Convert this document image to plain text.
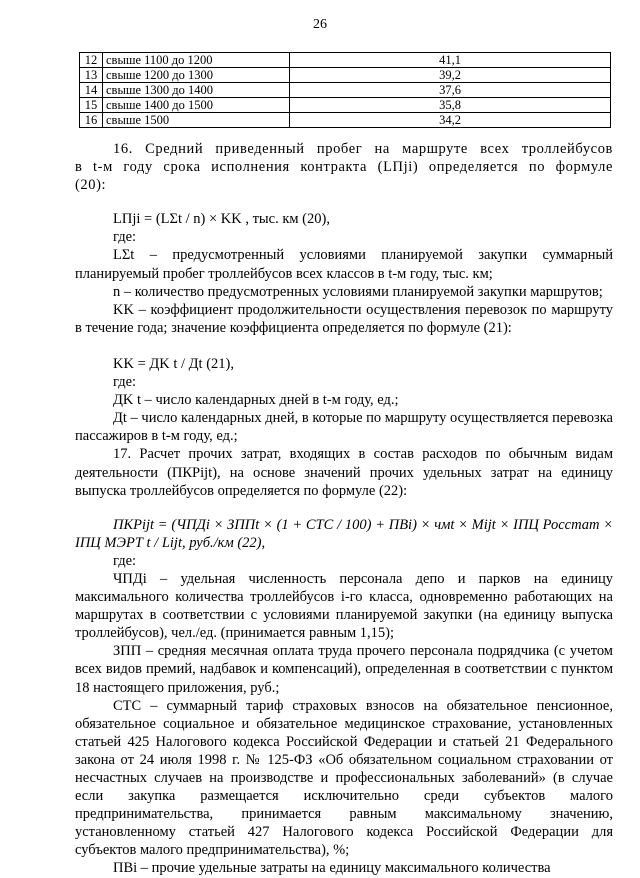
26
12	свыше 1100 до 1200	41,1
13	свыше 1200 до 1300	39,2
14	свыше 1300 до 1400	37,6
15	свыше 1400 до 1500	35,8
16	свыше 1500	34,2

16. Средний приведенный пробег на маршруте всех троллейбусов в t-м году срока исполнения контракта (LПji) определяется по формуле (20):

LПji = (LΣt / n) × KK , тыс. км (20),

где:

LΣt – предусмотренный условиями планируемой закупки суммарный планируемый пробег троллейбусов всех классов в t-м году, тыс. км;

n – количество предусмотренных условиями планируемой закупки маршрутов;

KK – коэффициент продолжительности осуществления перевозок по маршруту в течение года; значение коэффициента определяется по формуле (21):

KK = ДK t / Дt (21),

где:

ДK t – число календарных дней в t-м году, ед.;

Дt – число календарных дней, в которые по маршруту осуществляется перевозка пассажиров в t-м году, ед.;

17. Расчет прочих затрат, входящих в состав расходов по обычным видам деятельности (ПКРijt), на основе значений прочих удельных затрат на единицу выпуска троллейбусов определяется по формуле (22):

ПКРijt = (ЧПДi × ЗППt × (1 + CTC / 100) + ПВi) × чмt × Mijt × IПЦ Росстат × IПЦ МЭРТ t / Lijt, руб./км (22),

где:

ЧПДi – удельная численность персонала депо и парков на единицу максимального количества троллейбусов i-го класса, одновременно работающих на маршрутах в соответствии с условиями планируемой закупки (на единицу выпуска троллейбусов), чел./ед. (принимается равным 1,15);

ЗПП – средняя месячная оплата труда прочего персонала подрядчика (с учетом всех видов премий, надбавок и компенсаций), определенная в соответствии с пунктом 18 настоящего приложения, руб.;

CTC – суммарный тариф страховых взносов на обязательное пенсионное, обязательное социальное и обязательное медицинское страхование, установленных статьей 425 Налогового кодекса Российской Федерации и статьей 21 Федерального закона от 24 июля 1998 г. № 125-ФЗ «Об обязательном социальном страховании от несчастных случаев на производстве и профессиональных заболеваний» (в случае если закупка размещается исключительно среди субъектов малого предпринимательства, принимается равным максимальному значению, установленному статьей 427 Налогового кодекса Российской Федерации для субъектов малого предпринимательства), %;

ПВi – прочие удельные затраты на единицу максимального количества
